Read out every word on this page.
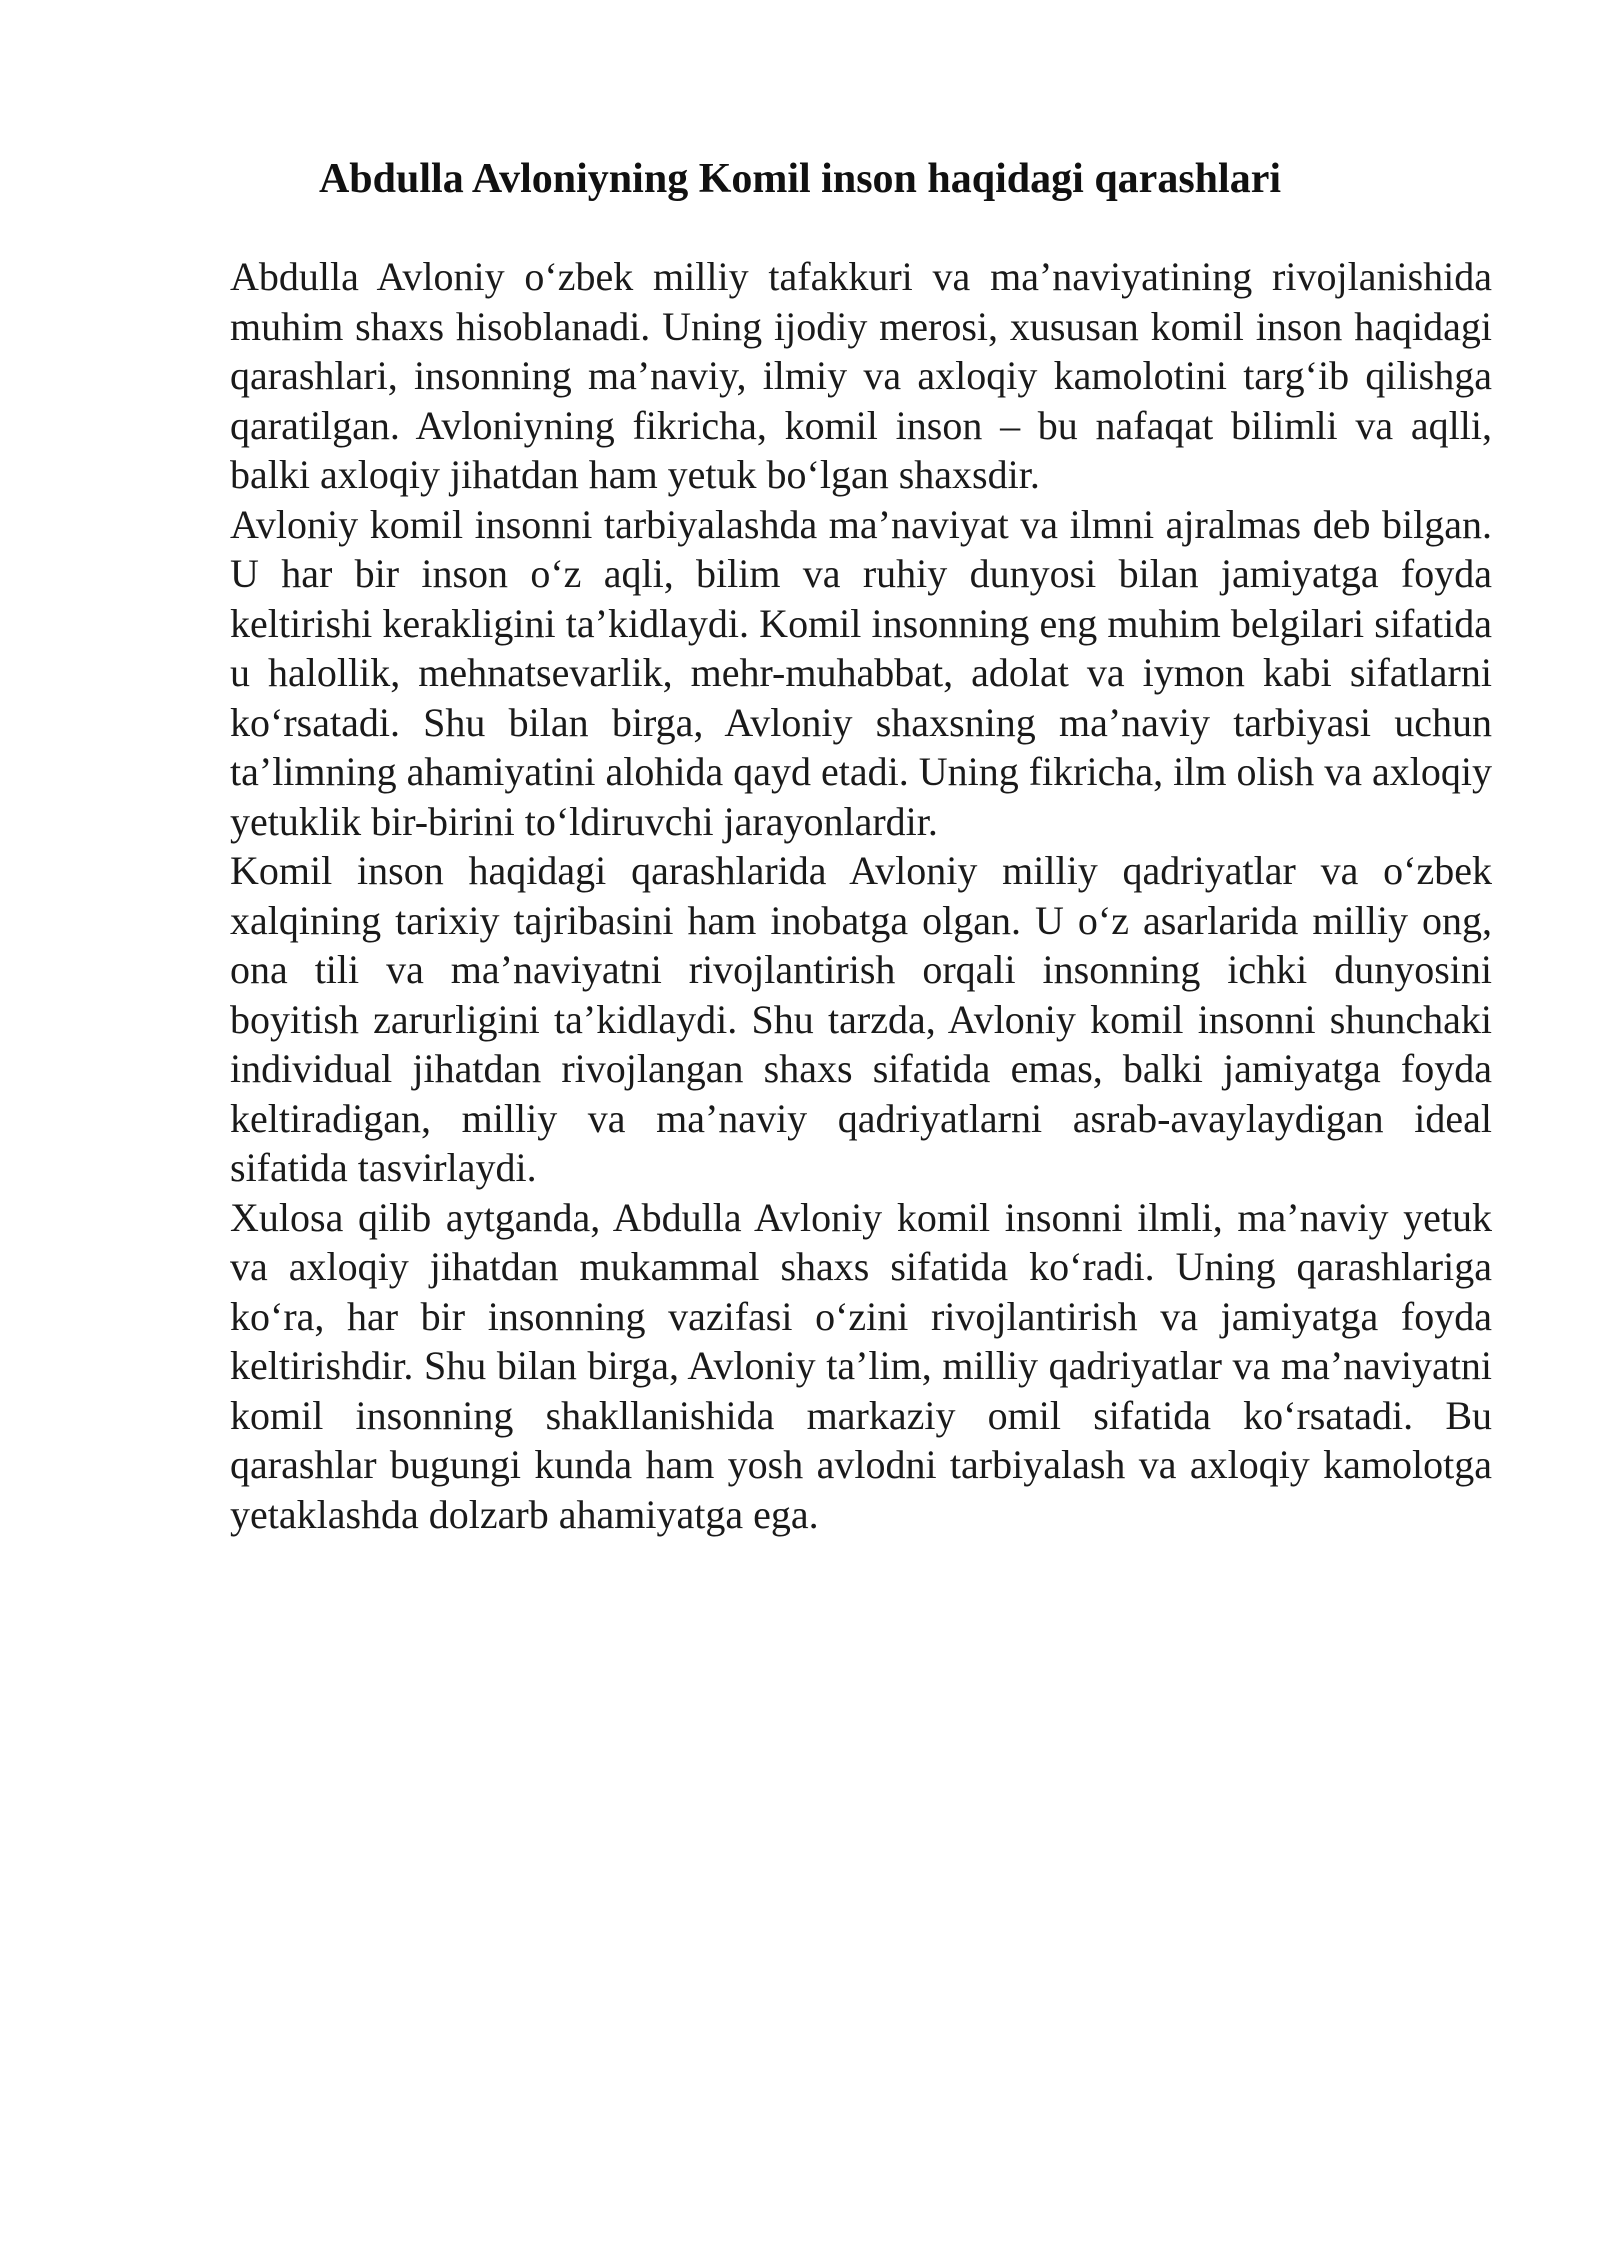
Abdulla Avloniyning Komil inson haqidagi qarashlari

Abdulla Avloniy o‘zbek milliy tafakkuri va ma’naviyatining rivojlanishida muhim shaxs hisoblanadi. Uning ijodiy merosi, xususan komil inson haqidagi qarashlari, insonning ma’naviy, ilmiy va axloqiy kamolotini targ‘ib qilishga qaratilgan. Avloniyning fikricha, komil inson – bu nafaqat bilimli va aqlli, balki axloqiy jihatdan ham yetuk bo‘lgan shaxsdir.

Avloniy komil insonni tarbiyalashda ma’naviyat va ilmni ajralmas deb bilgan. U har bir inson o‘z aqli, bilim va ruhiy dunyosi bilan jamiyatga foyda keltirishi kerakligini ta’kidlaydi. Komil insonning eng muhim belgilari sifatida u halollik, mehnatsevarlik, mehr-muhabbat, adolat va iymon kabi sifatlarni ko‘rsatadi. Shu bilan birga, Avloniy shaxsning ma’naviy tarbiyasi uchun ta’limning ahamiyatini alohida qayd etadi. Uning fikricha, ilm olish va axloqiy yetuklik bir-birini to‘ldiruvchi jarayonlardir.

Komil inson haqidagi qarashlarida Avloniy milliy qadriyatlar va o‘zbek xalqining tarixiy tajribasini ham inobatga olgan. U o‘z asarlarida milliy ong, ona tili va ma’naviyatni rivojlantirish orqali insonning ichki dunyosini boyitish zarurligini ta’kidlaydi. Shu tarzda, Avloniy komil insonni shunchaki individual jihatdan rivojlangan shaxs sifatida emas, balki jamiyatga foyda keltiradigan, milliy va ma’naviy qadriyatlarni asrab-avaylaydigan ideal sifatida tasvirlaydi.

Xulosa qilib aytganda, Abdulla Avloniy komil insonni ilmli, ma’naviy yetuk va axloqiy jihatdan mukammal shaxs sifatida ko‘radi. Uning qarashlariga ko‘ra, har bir insonning vazifasi o‘zini rivojlantirish va jamiyatga foyda keltirishdir. Shu bilan birga, Avloniy ta’lim, milliy qadriyatlar va ma’naviyatni komil insonning shakllanishida markaziy omil sifatida ko‘rsatadi. Bu qarashlar bugungi kunda ham yosh avlodni tarbiyalash va axloqiy kamolotga yetaklashda dolzarb ahamiyatga ega.
